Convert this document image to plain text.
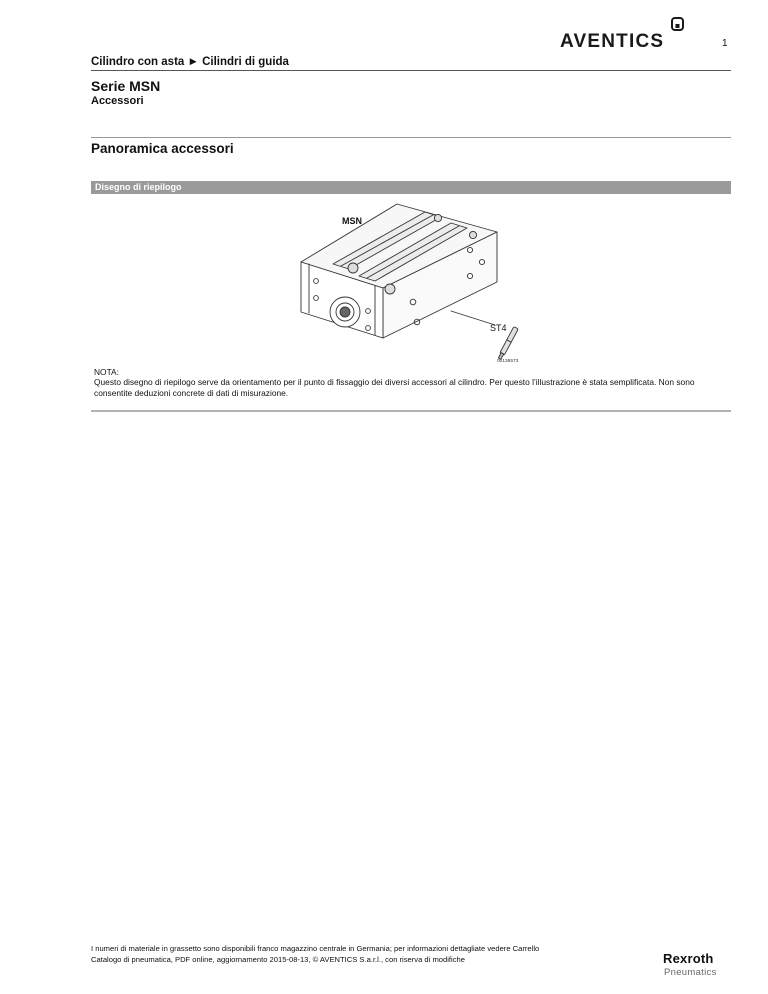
AVENTICS	1
Cilindro con asta ► Cilindri di guida
Serie MSN
Accessori
Panoramica accessori
Disegno di riepilogo
MSN
ST4
00136573
NOTA:
Questo disegno di riepilogo serve da orientamento per il punto di fissaggio dei diversi accessori al cilindro. Per questo l’illustrazione è stata semplificata. Non sono consentite deduzioni concrete di dati di misurazione.
I numeri di materiale in grassetto sono disponibili franco magazzino centrale in Germania; per informazioni dettagliate vedere Carrello
Catalogo di pneumatica, PDF online, aggiornamento 2015-08-13, © AVENTICS S.a.r.l., con riserva di modifiche	Rexroth
Pneumatics
